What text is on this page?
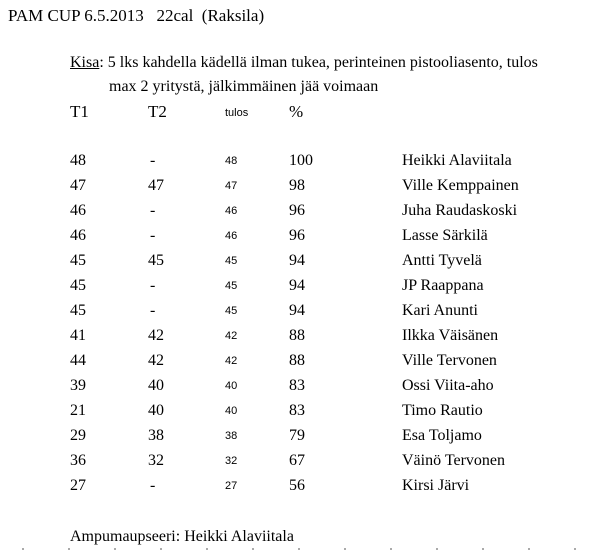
PAM CUP 6.5.2013   22cal  (Raksila)
Kisa: 5 lks kahdella kädellä ilman tukea, perinteinen pistooliasento, tulos
max 2 yritystä, jälkimmäinen jää voimaan
T1	T2	tulos %
48	-	48	100	Heikki Alaviitala
47	47	47	98	Ville Kemppainen
46	-	46	96	Juha Raudaskoski
46	-	46	96	Lasse Särkilä
45	45	45	94	Antti Tyvelä
45	-	45	94	JP Raappana
45	-	45	94	Kari Anunti
41	42	42	88	Ilkka Väisänen
44	42	42	88	Ville Tervonen
39	40	40	83	Ossi Viita-aho
21	40	40	83	Timo Rautio
29	38	38	79	Esa Toljamo
36	32	32	67	Väinö Tervonen
27	-	27	56	Kirsi Järvi
Ampumaupseeri: Heikki Alaviitala
